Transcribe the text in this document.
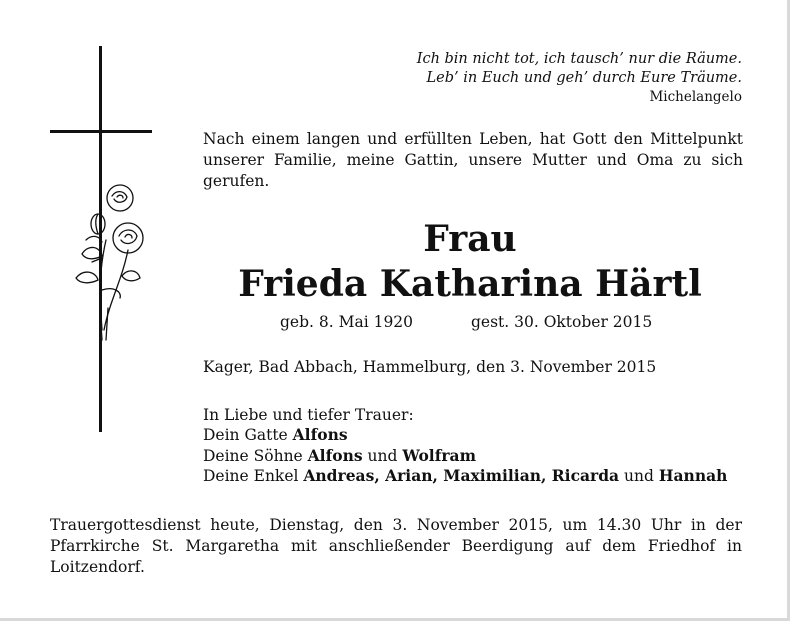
Ich bin nicht tot, ich tausch’ nur die Räume.
Leb’ in Euch und geh’ durch Eure Träume.
Michelangelo
Nach einem langen und erfüllten Leben, hat Gott den Mittelpunkt unserer Familie, meine Gattin, unsere Mutter und Oma zu sich gerufen.
Frau
Frieda Katharina Härtl
geb. 8. Mai 1920	gest. 30. Oktober 2015
Kager, Bad Abbach, Hammelburg, den 3. November 2015
In Liebe und tiefer Trauer:
Dein Gatte Alfons
Deine Söhne Alfons und Wolfram
Deine Enkel Andreas, Arian, Maximilian, Ricarda und Hannah
Trauergottesdienst heute, Dienstag, den 3. November 2015, um 14.30 Uhr in der Pfarrkirche St. Margaretha mit anschließender Beerdigung auf dem Friedhof in Loitzendorf.
